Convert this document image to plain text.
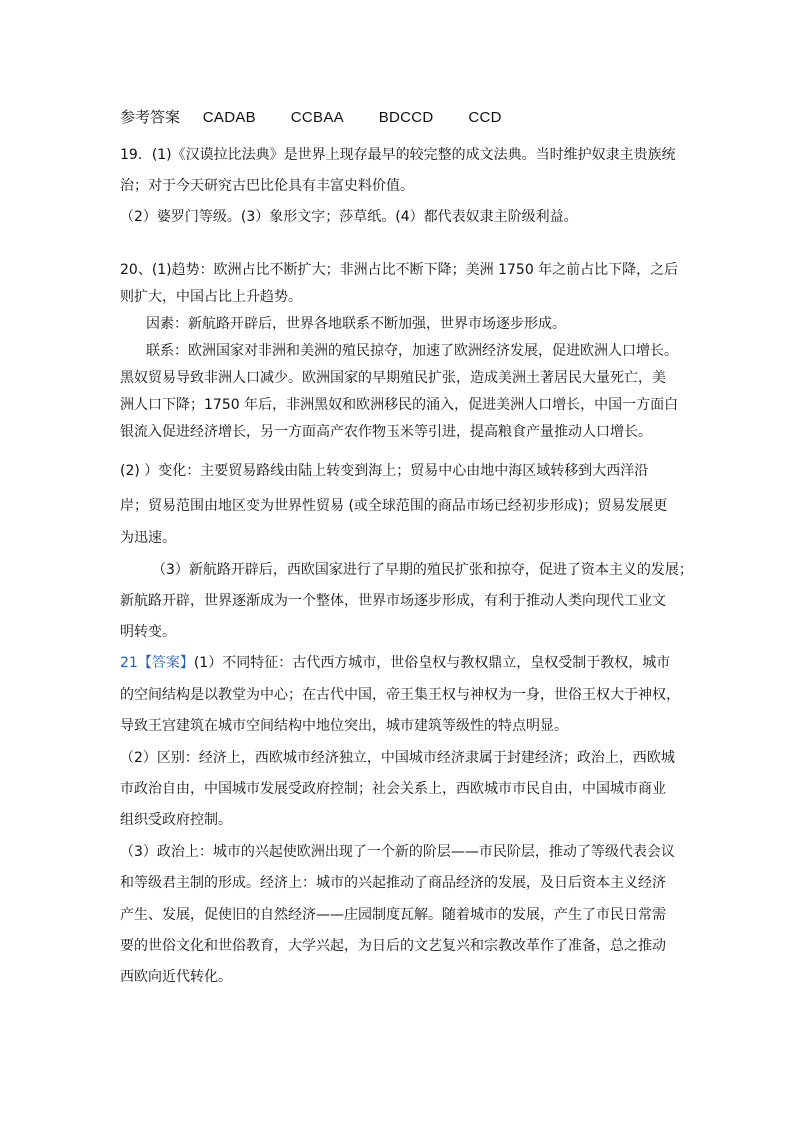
参考答案 CADAB CCBAA BDCCD CCD
19．(1)《汉谟拉比法典》是世界上现存最早的较完整的成文法典。当时维护奴隶主贵族统
治；对于今天研究古巴比伦具有丰富史料价值。
（2）婆罗门等级。(3）象形文字；莎草纸。(4）都代表奴隶主阶级利益。
20、(1)趋势：欧洲占比不断扩大；非洲占比不断下降；美洲 1750 年之前占比下降，之后
则扩大，中国占比上升趋势。
因素：新航路开辟后，世界各地联系不断加强，世界市场逐步形成。
联系：欧洲国家对非洲和美洲的殖民掠夺，加速了欧洲经济发展，促进欧洲人口增长。
黑奴贸易导致非洲人口减少。欧洲国家的早期殖民扩张，造成美洲土著居民大量死亡，美
洲人口下降；1750 年后，非洲黑奴和欧洲移民的涌入，促进美洲人口增长，中国一方面白
银流入促进经济增长，另一方面高产农作物玉米等引进，提高粮食产量推动人口增长。
(2) ）变化：主要贸易路线由陆上转变到海上；贸易中心由地中海区域转移到大西洋沿
岸；贸易范围由地区变为世界性贸易 (或全球范围的商品市场已经初步形成)；贸易发展更
为迅速。
（3）新航路开辟后，西欧国家进行了早期的殖民扩张和掠夺，促进了资本主义的发展；
新航路开辟，世界逐渐成为一个整体，世界市场逐步形成，有利于推动人类向现代工业文
明转变。
21【答案】(1）不同特征：古代西方城市，世俗皇权与教权鼎立，皇权受制于教权，城市
的空间结构是以教堂为中心；在古代中国，帝王集王权与神权为一身，世俗王权大于神权，
导致王宫建筑在城市空间结构中地位突出，城市建筑等级性的特点明显。
（2）区别：经济上，西欧城市经济独立，中国城市经济隶属于封建经济；政治上，西欧城
市政治自由，中国城市发展受政府控制；社会关系上，西欧城市市民自由，中国城市商业
组织受政府控制。
（3）政治上：城市的兴起使欧洲出现了一个新的阶层——市民阶层，推动了等级代表会议
和等级君主制的形成。经济上：城市的兴起推动了商品经济的发展，及日后资本主义经济
产生、发展，促使旧的自然经济——庄园制度瓦解。随着城市的发展，产生了市民日常需
要的世俗文化和世俗教育，大学兴起，为日后的文艺复兴和宗教改革作了准备，总之推动
西欧向近代转化。
